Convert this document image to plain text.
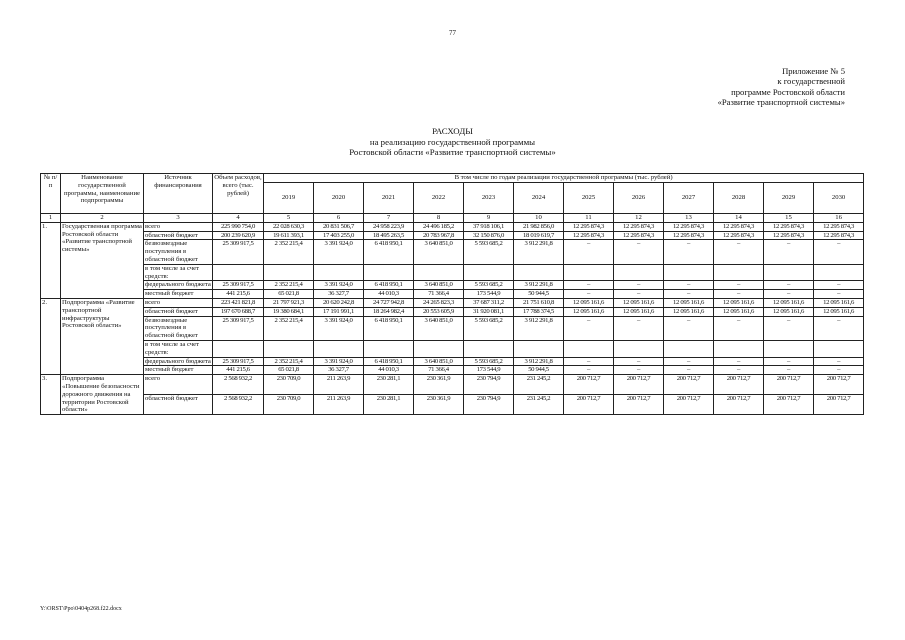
77
Приложение № 5
к государственной
программе Ростовской области
«Развитие транспортной системы»
РАСХОДЫ
на реализацию государственной программы
Ростовской области «Развитие транспортной системы»
№ п/п	Наименование государственной программы, наименование подпрограммы	Источник финансирования	Объем расходов, всего (тыс. рублей)	В том числе по годам реализации государственной программы (тыс. рублей)											
				2019	2020	2021	2022	2023	2024	2025	2026	2027	2028	2029	2030
1	2	3	4	5	6	7	8	9	10	11	12	13	14	15	16
1.	Государственная программа Ростовской области «Развитие транспортной системы»	всего	225 990 754,0	22 028 630,3	20 831 506,7	24 958 223,9	24 496 185,2	37 918 106,1	21 982 856,0	12 295 874,3	12 295 874,3	12 295 874,3	12 295 874,3	12 295 874,3	12 295 874,3
		областной бюджет	200 239 620,9	19 611 393,1	17 403 255,0	18 495 263,5	20 783 967,8	32 150 876,0	18 019 619,7	12 295 874,3	12 295 874,3	12 295 874,3	12 295 874,3	12 295 874,3	12 295 874,3
		безвозмездные поступления в областной бюджет	25 309 917,5	2 352 215,4	3 391 924,0	6 418 950,1	3 640 851,0	5 593 685,2	3 912 291,8	–	–	–	–	–	–
		в том числе за счет средств:													
		федерального бюджета	25 309 917,5	2 352 215,4	3 391 924,0	6 418 950,1	3 640 851,0	5 593 685,2	3 912 291,8	–	–	–	–	–	–
		местный бюджет	441 215,6	65 021,8	36 327,7	44 010,3	71 366,4	173 544,9	50 944,5	–	–	–	–	–	–
2.	Подпрограмма «Развитие транспортной инфраструктуры Ростовской области»	всего	223 421 821,8	21 797 921,3	20 620 242,8	24 727 942,8	24 265 823,3	37 687 311,2	21 751 610,8	12 095 161,6	12 095 161,6	12 095 161,6	12 095 161,6	12 095 161,6	12 095 161,6
		областной бюджет	197 670 688,7	19 380 684,1	17 191 991,1	18 264 982,4	20 553 605,9	31 920 081,1	17 788 374,5	12 095 161,6	12 095 161,6	12 095 161,6	12 095 161,6	12 095 161,6	12 095 161,6
		безвозмездные поступления в областной бюджет	25 309 917,5	2 352 215,4	3 391 924,0	6 418 950,1	3 640 851,0	5 593 685,2	3 912 291,8	–	–	–	–	–	–
		в том числе за счет средств:													
		федерального бюджета	25 309 917,5	2 352 215,4	3 391 924,0	6 418 950,1	3 640 851,0	5 593 685,2	3 912 291,8	–	–	–	–	–	–
		местный бюджет	441 215,6	65 021,8	36 327,7	44 010,3	71 366,4	173 544,9	50 944,5	–	–	–	–	–	–
3.	Подпрограмма «Повышение безопасности дорожного движения на территории Ростовской области»	всего	2 568 932,2	230 709,0	211 263,9	230 281,1	230 361,9	230 794,9	231 245,2	200 712,7	200 712,7	200 712,7	200 712,7	200 712,7	200 712,7
		областной бюджет	2 568 932,2	230 709,0	211 263,9	230 281,1	230 361,9	230 794,9	231 245,2	200 712,7	200 712,7	200 712,7	200 712,7	200 712,7	200 712,7
Y:\ORST\Ppo\0404p268.f22.docx
